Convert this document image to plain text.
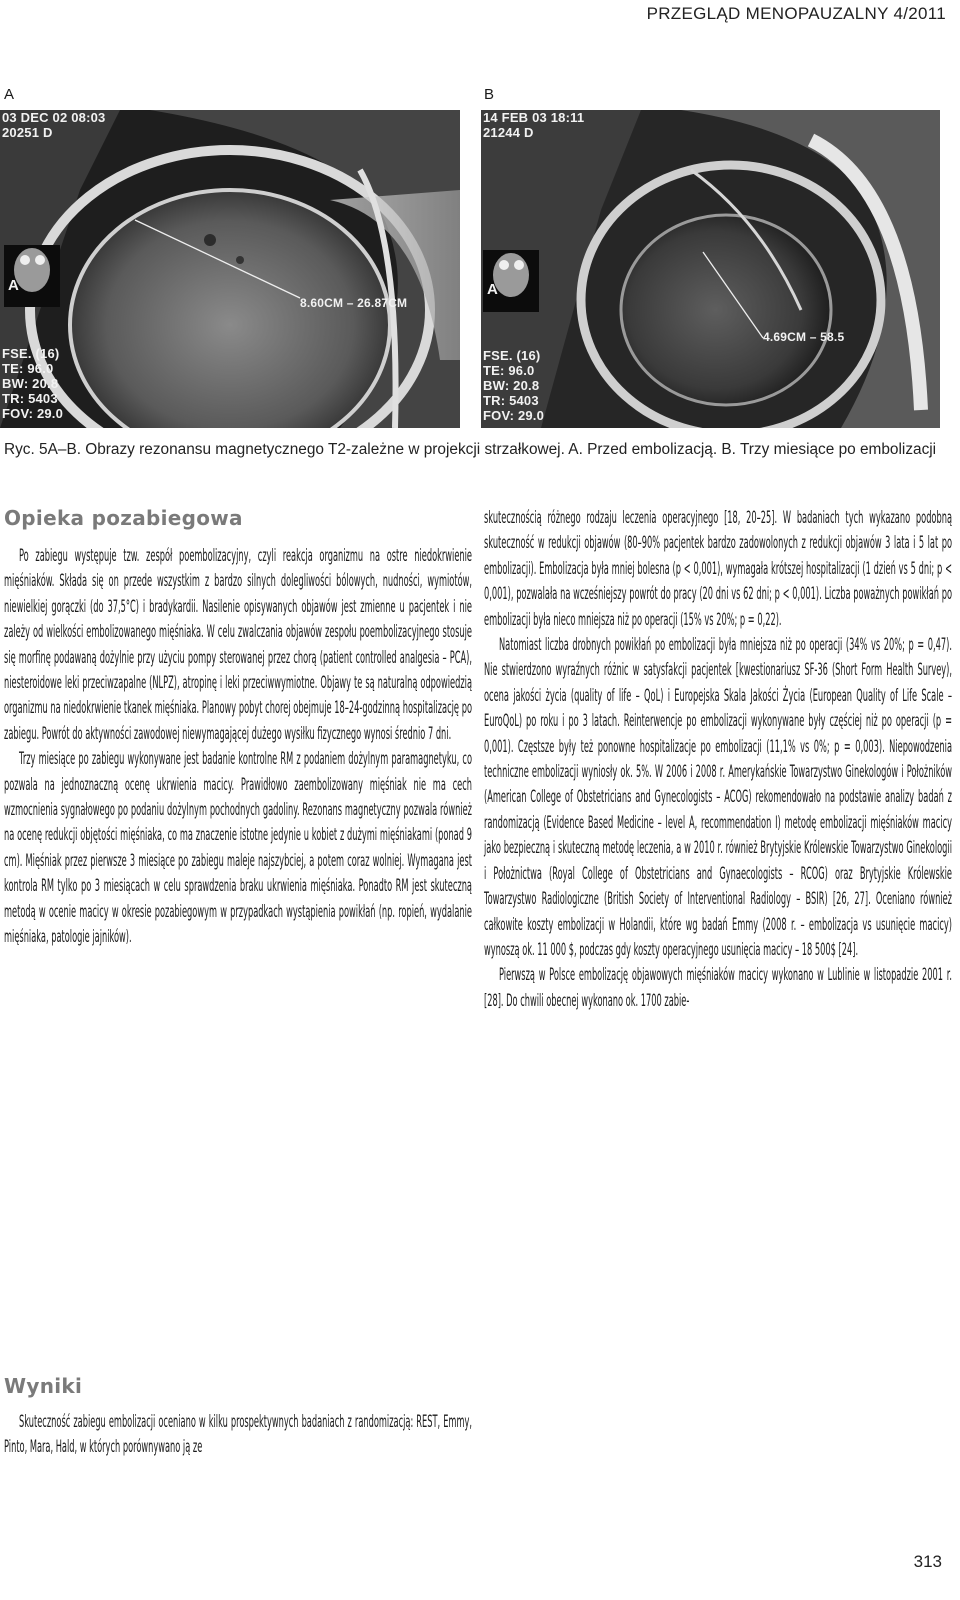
PRZEGLĄD MENOPAUZALNY 4/2011
A
03 DEC 02 08:03
20251 D
A
8.60CM – 26.87CM
FSE. (16)
TE: 96.0
BW: 20.8
TR: 5403
FOV: 29.0
B
14 FEB 03 18:11
21244 D
A
4.69CM – 58.5
FSE. (16)
TE: 96.0
BW: 20.8
TR: 5403
FOV: 29.0
Ryc. 5A–B. Obrazy rezonansu magnetycznego T2-zależne w projekcji strzałkowej. A. Przed embolizacją. B. Trzy miesiące po embolizacji
Opieka pozabiegowa

Po zabiegu występuje tzw. zespół poembolizacyjny, czyli reakcja organizmu na ostre niedokrwienie mięśniaków. Składa się on przede wszystkim z bardzo silnych dolegliwości bólowych, nudności, wymiotów, niewielkiej gorączki (do 37,5°C) i bradykardii. Nasilenie opisywanych objawów jest zmienne u pacjentek i nie zależy od wielkości embolizowanego mięśniaka. W celu zwalczania objawów zespołu poembolizacyjnego stosuje się morfinę podawaną dożylnie przy użyciu pompy sterowanej przez chorą (patient controlled analgesia – PCA), niesteroidowe leki przeciwzapalne (NLPZ), atropinę i leki przeciwwymiotne. Objawy te są naturalną odpowiedzią organizmu na niedokrwienie tkanek mięśniaka. Planowy pobyt chorej obejmuje 18–24-godzinną hospitalizację po zabiegu. Powrót do aktywności zawodowej niewymagającej dużego wysiłku fizycznego wynosi średnio 7 dni.

Trzy miesiące po zabiegu wykonywane jest badanie kontrolne RM z podaniem dożylnym paramagnetyku, co pozwala na jednoznaczną ocenę ukrwienia macicy. Prawidłowo zaembolizowany mięśniak nie ma cech wzmocnienia sygnałowego po podaniu dożylnym pochodnych gadoliny. Rezonans magnetyczny pozwala również na ocenę redukcji objętości mięśniaka, co ma znaczenie istotne jedynie u kobiet z dużymi mięśniakami (ponad 9 cm). Mięśniak przez pierwsze 3 miesiące po zabiegu maleje najszybciej, a potem coraz wolniej. Wymagana jest kontrola RM tylko po 3 miesiącach w celu sprawdzenia braku ukrwienia mięśniaka. Ponadto RM jest skuteczną metodą w ocenie macicy w okresie pozabiegowym w przypadkach wystąpienia powikłań (np. ropień, wydalanie mięśniaka, patologie jajników).

Wyniki

Skuteczność zabiegu embolizacji oceniano w kilku prospektywnych badaniach z randomizacją: REST, Emmy, Pinto, Mara, Hald, w których porównywano ją ze

skutecznością różnego rodzaju leczenia operacyjnego [18, 20–25]. W badaniach tych wykazano podobną skuteczność w redukcji objawów (80–90% pacjentek bardzo zadowolonych z redukcji objawów 3 lata i 5 lat po embolizacji). Embolizacja była mniej bolesna (p < 0,001), wymagała krótszej hospitalizacji (1 dzień vs 5 dni; p < 0,001), pozwalała na wcześniejszy powrót do pracy (20 dni vs 62 dni; p < 0,001). Liczba poważnych powikłań po embolizacji była nieco mniejsza niż po operacji (15% vs 20%; p = 0,22).

Natomiast liczba drobnych powikłań po embolizacji była mniejsza niż po operacji (34% vs 20%; p = 0,47). Nie stwierdzono wyraźnych różnic w satysfakcji pacjentek [kwestionariusz SF-36 (Short Form Health Survey), ocena jakości życia (quality of life – QoL) i Europejska Skala Jakości Życia (European Quality of Life Scale – EuroQoL) po roku i po 3 latach. Reinterwencje po embolizacji wykonywane były częściej niż po operacji (p = 0,001). Częstsze były też ponowne hospitalizacje po embolizacji (11,1% vs 0%; p = 0,003). Niepowodzenia techniczne embolizacji wyniosły ok. 5%. W 2006 i 2008 r. Amerykańskie Towarzystwo Ginekologów i Położników (American College of Obstetricians and Gynecologists – ACOG) rekomendowało na podstawie analizy badań z randomizacją (Evidence Based Medicine – level A, recommendation I) metodę embolizacji mięśniaków macicy jako bezpieczną i skuteczną metodę leczenia, a w 2010 r. również Brytyjskie Królewskie Towarzystwo Ginekologii i Położnictwa (Royal College of Obstetricians and Gynaecologists – RCOG) oraz Brytyjskie Królewskie Towarzystwo Radiologiczne (British Society of Interventional Radiology – BSIR) [26, 27]. Oceniano również całkowite koszty embolizacji w Holandii, które wg badań Emmy (2008 r. – embolizacja vs usunięcie macicy) wynoszą ok. 11 000 $, podczas gdy koszty operacyjnego usunięcia macicy – 18 500$ [24].

Pierwszą w Polsce embolizację objawowych mięśniaków macicy wykonano w Lublinie w listopadzie 2001 r. [28]. Do chwili obecnej wykonano ok. 1700 zabie-

313
